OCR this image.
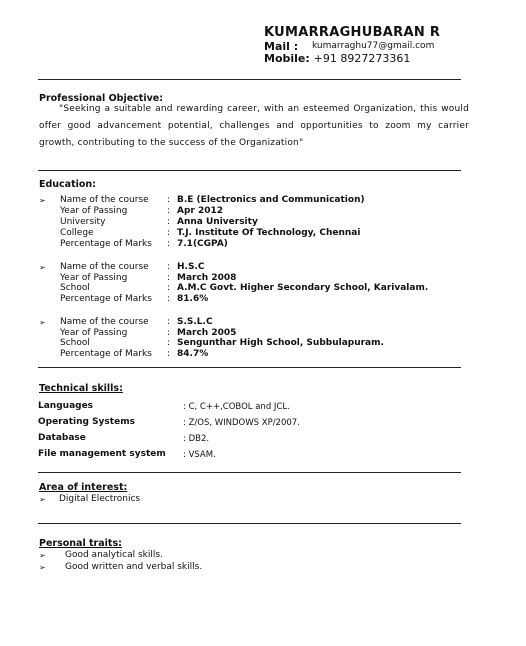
KUMARRAGHUBARAN R
Mail : kumarraghu77@gmail.com
Mobile: +91 8927273361
Professional Objective:
"Seeking a suitable and rewarding career, with an esteemed Organization, this would offer good advancement potential, challenges and opportunities to zoom my carrier growth, contributing to the success of the Organization"
Education:
➢ Name of the course : B.E (Electronics and Communication)
Year of Passing	: Apr 2012
University	: Anna University
College	: T.J. Institute Of Technology, Chennai
Percentage of Marks : 7.1(CGPA)
➢ Name of the course : H.S.C
Year of Passing	: March 2008
School	: A.M.C Govt. Higher Secondary School, Karivalam.
Percentage of Marks : 81.6%
➢ Name of the course : S.S.L.C
Year of Passing	: March 2005
School	: Sengunthar High School, Subbulapuram.
Percentage of Marks : 84.7%
Technical skills:
Languages	: C, C++,COBOL and JCL.
Operating Systems	: Z/OS, WINDOWS XP/2007.
Database	: DB2.
File management system : VSAM.
Area of interest:
➢ Digital Electronics
Personal traits:
➢ Good analytical skills.
➢ Good written and verbal skills.
